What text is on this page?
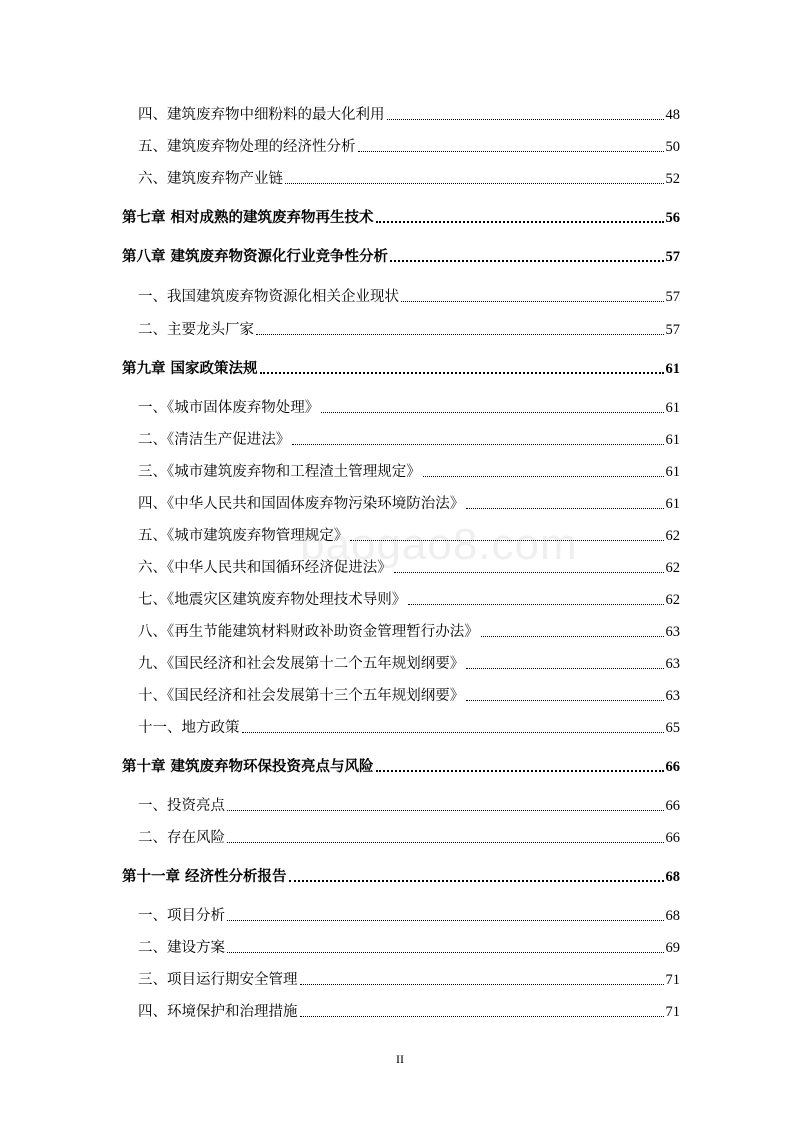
四、建筑废弃物中细粉料的最大化利用	48
五、建筑废弃物处理的经济性分析	50
六、建筑废弃物产业链	52
第七章 相对成熟的建筑废弃物再生技术	56
第八章 建筑废弃物资源化行业竞争性分析	57
一、我国建筑废弃物资源化相关企业现状	57
二、主要龙头厂家	57
第九章 国家政策法规	61
一、《城市固体废弃物处理》	61
二、《清洁生产促进法》	61
三、《城市建筑废弃物和工程渣土管理规定》	61
四、《中华人民共和国固体废弃物污染环境防治法》	61
五、《城市建筑废弃物管理规定》	62
六、《中华人民共和国循环经济促进法》	62
七、《地震灾区建筑废弃物处理技术导则》	62
八、《再生节能建筑材料财政补助资金管理暂行办法》	63
九、《国民经济和社会发展第十二个五年规划纲要》	63
十、《国民经济和社会发展第十三个五年规划纲要》	63
十一、地方政策	65
第十章 建筑废弃物环保投资亮点与风险	66
一、投资亮点	66
二、存在风险	66
第十一章 经济性分析报告	68
一、项目分析	68
二、建设方案	69
三、项目运行期安全管理	71
四、环境保护和治理措施	71
baogao8.com
II
